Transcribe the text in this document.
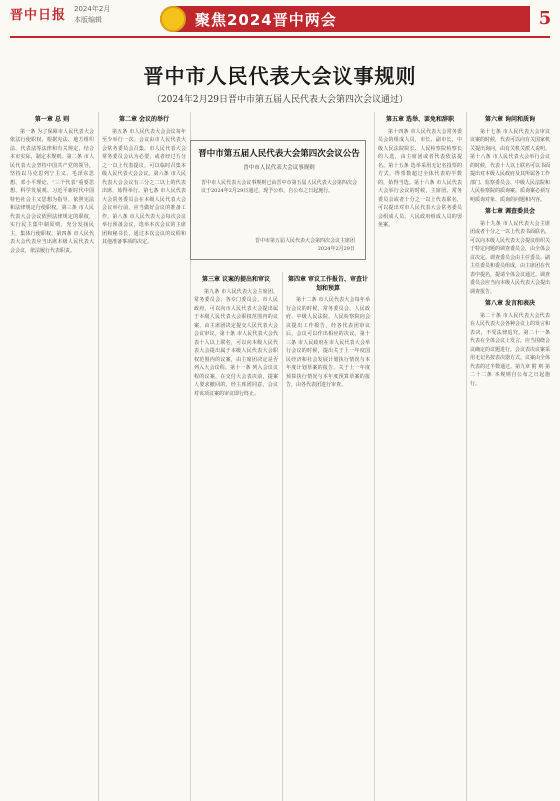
晋中日报	2024年2月
本版编辑	聚焦2024晋中两会	5
晋中市人民代表大会议事规则
（2024年2月29日晋中市第五届人民代表大会第四次会议通过）
第一章 总 则

第一条 为了保障市人民代表大会依法行使职权，根据宪法、地方组织法、代表法等法律和有关规定，结合本市实际，制定本规则。第二条 市人民代表大会坚持中国共产党的领导，坚持以马克思列宁主义、毛泽东思想、邓小平理论、“三个代表”重要思想、科学发展观、习近平新时代中国特色社会主义思想为指导，依照宪法和法律规定行使职权。第三条 市人民代表大会会议依照法律规定的职权，实行民主集中制原则，充分发扬民主，集体行使职权。第四条 市人民代表大会代表应当出席本级人民代表大会会议，依法履行代表职责。

第二章 会议的举行

第五条 市人民代表大会会议每年至少举行一次。会议由市人民代表大会常务委员会召集。市人民代表大会常务委员会认为必要，或者经过五分之一以上代表提议，可以临时召集本级人民代表大会会议。第六条 市人民代表大会会议有三分之二以上的代表出席，始得举行。第七条 市人民代表大会常务委员会在本级人民代表大会会议举行前，应当做好会议的准备工作。第八条 市人民代表大会每次会议举行预备会议，选举本次会议的主席团和秘书长，通过本次会议的议程和其他准备事项的决定。

第三章 议案的提出和审议

第九条 市人民代表大会主席团、常务委员会、各专门委员会、市人民政府，可以向市人民代表大会提出属于本级人民代表大会职权范围内的议案，由主席团决定提交人民代表大会会议审议。第十条 市人民代表大会代表十人以上联名，可以向本级人民代表大会提出属于本级人民代表大会职权范围内的议案，由主席团决定是否列入大会议程。第十一条 列入会议议程的议案，在交付大会表决前，提案人要求撤回的，经主席团同意，会议对该项议案的审议即行终止。

第四章 审议工作报告、审查计划和预算

第十二条 市人民代表大会每年举行会议的时候，常务委员会、人民政府、中级人民法院、人民检察院向会议提出工作报告，经各代表团审议后，会议可以作出相应的决议。第十三条 市人民政府在市人民代表大会举行会议的时候，提出关于上一年度国民经济和社会发展计划执行情况与本年度计划草案的报告、关于上一年度预算执行情况与本年度预算草案的报告，由各代表团进行审查。

第五章 选举、罢免和辞职

第十四条 市人民代表大会常务委员会的组成人员，市长、副市长，中级人民法院院长、人民检察院检察长的人选，由主席团或者代表依法提名。第十五条 选举采用无记名投票的方式。得票数超过全体代表的半数的，始得当选。第十六条 市人民代表大会举行会议的时候，主席团、常务委员会或者十分之一以上代表联名，可以提出对市人民代表大会常务委员会组成人员、人民政府组成人员的罢免案。

第六章 询问和质询

第十七条 市人民代表大会审议议案的时候，代表可以向有关国家机关提出询问，由有关机关派人说明。第十八条 市人民代表大会举行会议的时候，代表十人以上联名可以书面提出对本级人民政府及其所属各工作部门、监察委员会、中级人民法院和人民检察院的质询案。质询案必须写明质询对象、质询的问题和内容。

第七章 调查委员会

第十九条 市人民代表大会主席团或者十分之一以上代表书面联名，可以向本级人民代表大会提议组织关于特定问题的调查委员会，由全体会议决定。调查委员会由主任委员、副主任委员和委员组成，由主席团在代表中提名，提请全体会议通过。调查委员会应当向本级人民代表大会提出调查报告。

第八章 发言和表决

第二十条 市人民代表大会代表在人民代表大会各种会议上的发言和表决，不受法律追究。第二十一条 代表在全体会议上发言，应当围绕会议确定的议题进行。会议表决议案采用无记名按表决器方式。议案由全体代表的过半数通过。第九章 附 则 第二十二条 本规则自公布之日起施行。

晋中市第五届人民代表大会第四次会议公告
晋中市人民代表大会议事规则
晋中市人民代表大会议事规则已由晋中市第五届人民代表大会第四次会议于2024年2月29日通过，现予公布，自公布之日起施行。
晋中市第五届人民代表大会第四次会议主席团
2024年2月29日
